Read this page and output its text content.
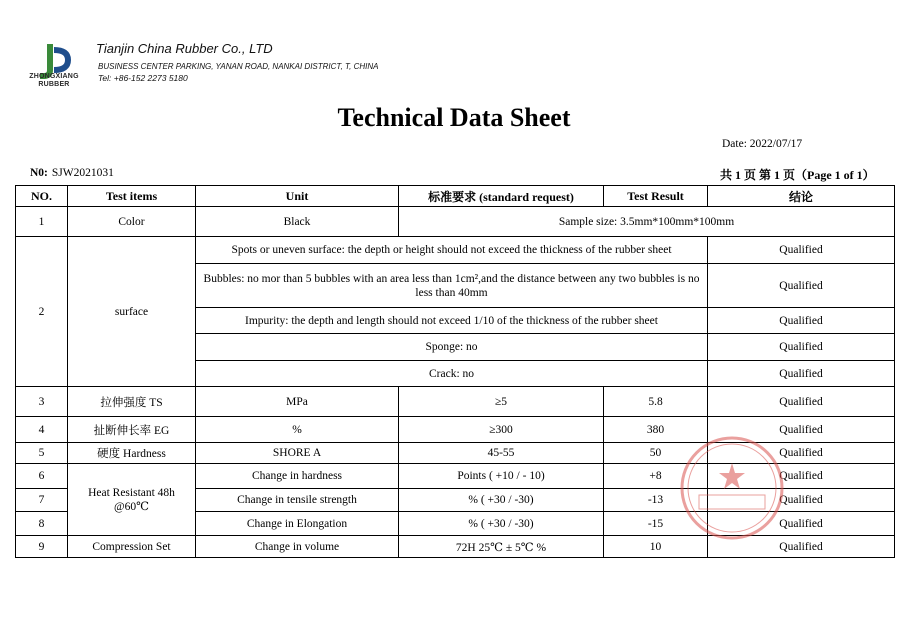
ZHONGXIANG RUBBER
Tianjin China Rubber Co., LTD
BUSINESS CENTER PARKING, YANAN ROAD, NANKAI DISTRICT, T, CHINA
Tel: +86-152 2273 5180
Technical Data Sheet
Date: 2022/07/17
N0: SJW2021031	共 1 页 第 1 页（Page 1 of 1）
NO.	Test items	Unit	标准要求 (standard request)	Test Result	结论
1	Color	Black	Sample size: 3.5mm*100mm*100mm		
2	surface	Spots or uneven surface: the depth or height should not exceed the thickness of the rubber sheet			Qualified
		Bubbles: no mor than 5 bubbles with an area less than 1cm²,and the distance between any two bubbles is no less than 40mm			Qualified
		Impurity: the depth and length should not exceed 1/10 of the thickness of the rubber sheet			Qualified
		Sponge: no			Qualified
		Crack: no			Qualified
3	拉伸强度 TS	MPa	≥5	5.8	Qualified
4	扯断伸长率 EG	%	≥300	380	Qualified
5	硬度 Hardness	SHORE A	45-55	50	Qualified
6	Heat Resistant 48h @60℃	Change in hardness	Points ( +10 / - 10)	+8	Qualified
7		Change in tensile strength	% ( +30 / -30)	-13	Qualified
8		Change in Elongation	% ( +30 / -30)	-15	Qualified
9	Compression Set	Change in volume	72H 25℃ ± 5℃ %	10	Qualified
